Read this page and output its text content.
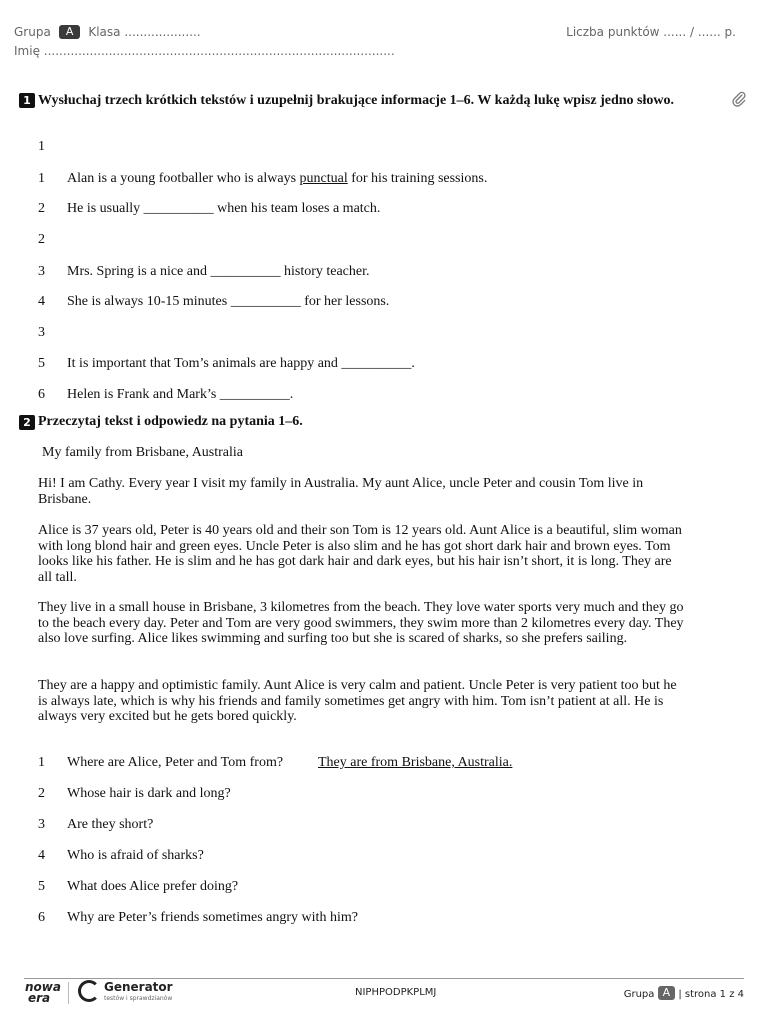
Grupa A Klasa ....................	Liczba punktów ...... / ...... p.
Imię ............................................................................................
1 Wysłuchaj trzech krótkich tekstów i uzupełnij brakujące informacje 1–6. W każdą lukę wpisz jedno słowo.
1
1 Alan is a young footballer who is always punctual for his training sessions.
2 He is usually __________ when his team loses a match.
2
3 Mrs. Spring is a nice and __________ history teacher.
4 She is always 10-15 minutes __________ for her lessons.
3
5 It is important that Tom’s animals are happy and __________.
6 Helen is Frank and Mark’s __________.
2 Przeczytaj tekst i odpowiedz na pytania 1–6.
My family from Brisbane, Australia
Hi! I am Cathy. Every year I visit my family in Australia. My aunt Alice, uncle Peter and cousin Tom live in Brisbane.
Alice is 37 years old, Peter is 40 years old and their son Tom is 12 years old. Aunt Alice is a beautiful, slim woman with long blond hair and green eyes. Uncle Peter is also slim and he has got short dark hair and brown eyes. Tom looks like his father. He is slim and he has got dark hair and dark eyes, but his hair isn’t short, it is long. They are all tall.
They live in a small house in Brisbane, 3 kilometres from the beach. They love water sports very much and they go to the beach every day. Peter and Tom are very good swimmers, they swim more than 2 kilometres every day. They also love surfing. Alice likes swimming and surfing too but she is scared of sharks, so she prefers sailing.
They are a happy and optimistic family. Aunt Alice is very calm and patient. Uncle Peter is very patient too but he is always late, which is why his friends and family sometimes get angry with him. Tom isn’t patient at all. He is always very excited but he gets bored quickly.
1 Where are Alice, Peter and Tom from? They are from Brisbane, Australia.
2 Whose hair is dark and long?
3 Are they short?
4 Who is afraid of sharks?
5 What does Alice prefer doing?
6 Why are Peter’s friends sometimes angry with him?
nowa
era
Generator
testów i sprawdzianów
NIPHPODPKPLMJ	Grupa A | strona 1 z 4
